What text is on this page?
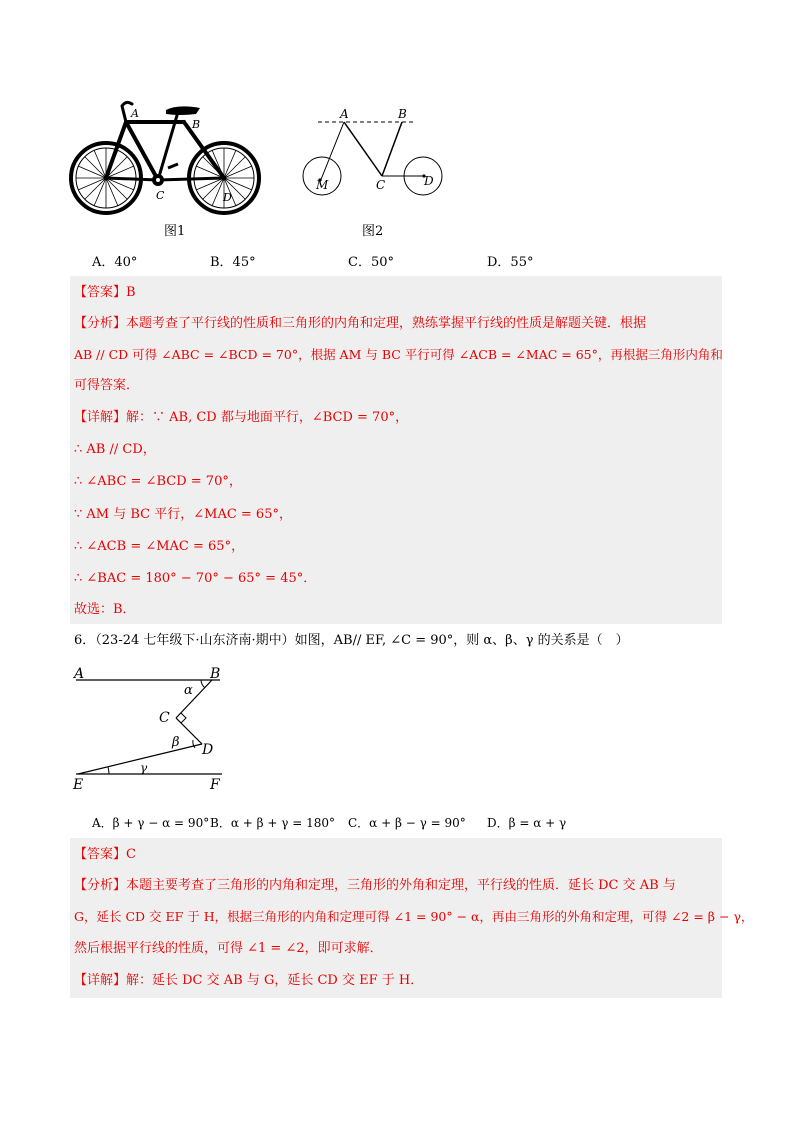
A
B
C	D
图1
A	B
M	C	D
图2
A．40°	B．45°	C．50°	D．55°
【答案】B
【分析】本题考查了平行线的性质和三角形的内角和定理，熟练掌握平行线的性质是解题关键．根据
AB // CD 可得 ∠ABC = ∠BCD = 70°，根据 AM 与 BC 平行可得 ∠ACB = ∠MAC = 65°，再根据三角形内角和
可得答案．
【详解】解：∵ AB, CD 都与地面平行，∠BCD = 70°，
∴ AB // CD，
∴ ∠ABC = ∠BCD = 70°，
∵ AM 与 BC 平行，∠MAC = 65°，
∴ ∠ACB = ∠MAC = 65°，
∴ ∠BAC = 180° − 70° − 65° = 45°．
故选：B．
6．（23-24 七年级下·山东济南·期中）如图，AB// EF, ∠C = 90°，则 α、β、γ 的关系是（　）
A	B
C
D
E	F
α
β
γ
A．β + γ − α = 90° B．α + β + γ = 180° C．α + β − γ = 90° D．β = α + γ
【答案】C
【分析】本题主要考查了三角形的内角和定理，三角形的外角和定理，平行线的性质．延长 DC 交 AB 与
G，延长 CD 交 EF 于 H，根据三角形的内角和定理可得 ∠1 = 90° − α，再由三角形的外角和定理，可得 ∠2 = β − γ，
然后根据平行线的性质，可得 ∠1 = ∠2，即可求解．
【详解】解：延长 DC 交 AB 与 G，延长 CD 交 EF 于 H．
